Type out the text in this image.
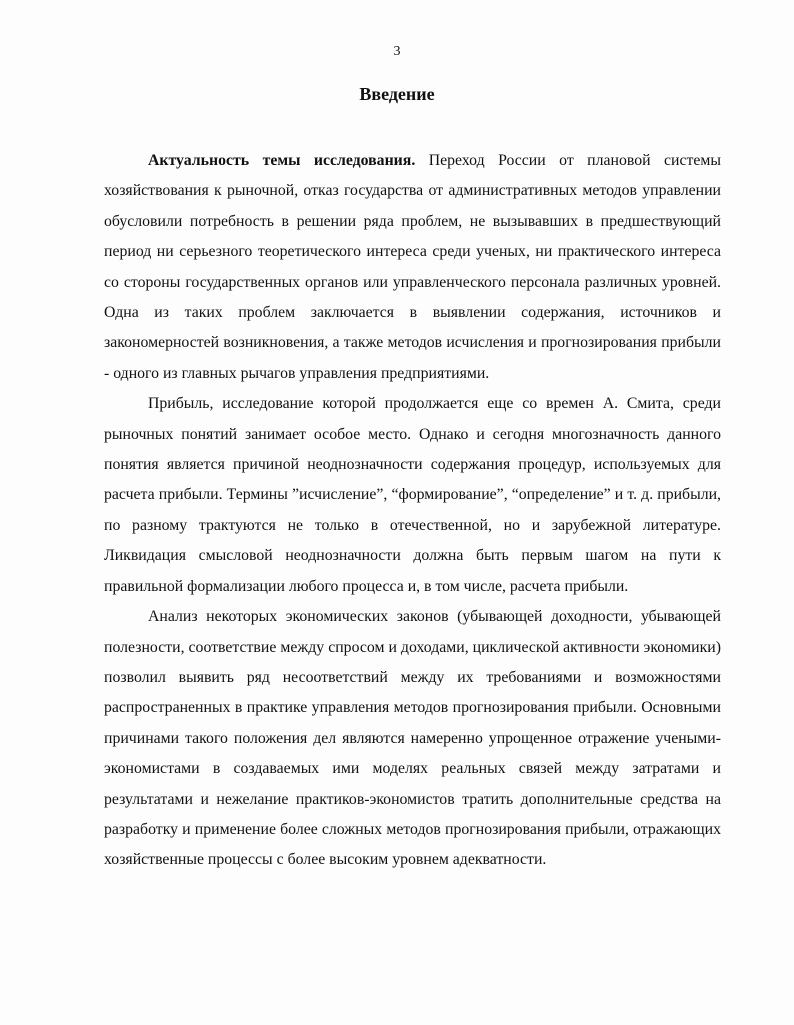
3
Введение

Актуальность темы исследования. Переход России от плановой системы хозяйствования к рыночной, отказ государства от административных методов управлении обусловили потребность в решении ряда проблем, не вызывавших в предшествующий период ни серьезного теоретического интереса среди ученых, ни практического интереса со стороны государственных органов или управленческого персонала различных уровней. Одна из таких проблем заключается в выявлении содержания, источников и закономерностей возникновения, а также методов исчисления и прогнозирования прибыли - одного из главных рычагов управления предприятиями.

Прибыль, исследование которой продолжается еще со времен А. Смита, среди рыночных понятий занимает особое место. Однако и сегодня многозначность данного понятия является причиной неоднозначности содержания процедур, используемых для расчета прибыли. Термины ”исчисление”, “формирование”, “определение” и т. д. прибыли, по разному трактуются не только в отечественной, но и зарубежной литературе. Ликвидация смысловой неоднозначности должна быть первым шагом на пути к правильной формализации любого процесса и, в том числе, расчета прибыли.

Анализ некоторых экономических законов (убывающей доходности, убывающей полезности, соответствие между спросом и доходами, циклической активности экономики) позволил выявить ряд несоответствий между их требованиями и возможностями распространенных в практике управления методов прогнозирования прибыли. Основными причинами такого положения дел являются намеренно упрощенное отражение учеными-экономистами в создаваемых ими моделях реальных связей между затратами и результатами и нежелание практиков-экономистов тратить дополнительные средства на разработку и применение более сложных методов прогнозирования прибыли, отражающих хозяйственные процессы с более высоким уровнем адекватности.
